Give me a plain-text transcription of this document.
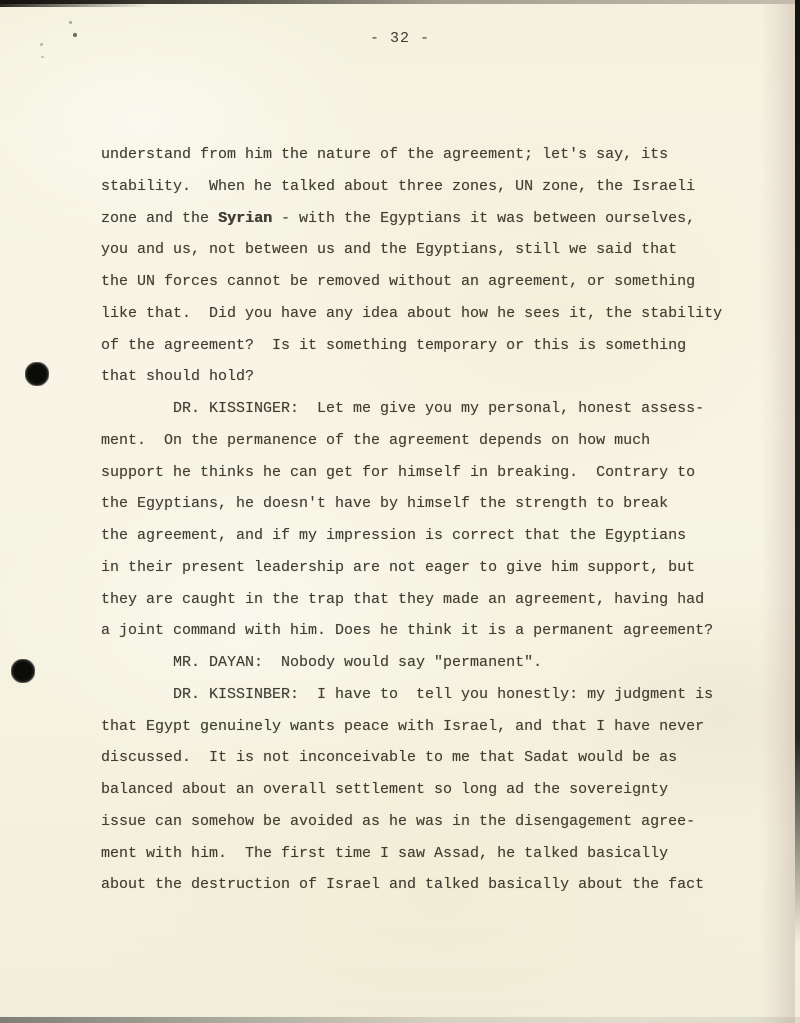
- 32 -
understand from him the nature of the agreement; let's say, its
stability.  When he talked about three zones, UN zone, the Israeli
zone and the Syrian - with the Egyptians it was between ourselves,
you and us, not between us and the Egyptians, still we said that
the UN forces cannot be removed without an agreement, or something
like that.  Did you have any idea about how he sees it, the stability
of the agreement?  Is it something temporary or this is something
that should hold?
DR. KISSINGER:  Let me give you my personal, honest assess-
ment.  On the permanence of the agreement depends on how much
support he thinks he can get for himself in breaking.  Contrary to
the Egyptians, he doesn't have by himself the strength to break
the agreement, and if my impression is correct that the Egyptians
in their present leadership are not eager to give him support, but
they are caught in the trap that they made an agreement, having had
a joint command with him. Does he think it is a permanent agreement?
MR. DAYAN:  Nobody would say "permanent".
DR. KISSINBER:  I have to  tell you honestly: my judgment is
that Egypt genuinely wants peace with Israel, and that I have never
discussed.  It is not inconceivable to me that Sadat would be as
balanced about an overall settlement so long ad the sovereignty
issue can somehow be avoided as he was in the disengagement agree-
ment with him.  The first time I saw Assad, he talked basically
about the destruction of Israel and talked basically about the fact
